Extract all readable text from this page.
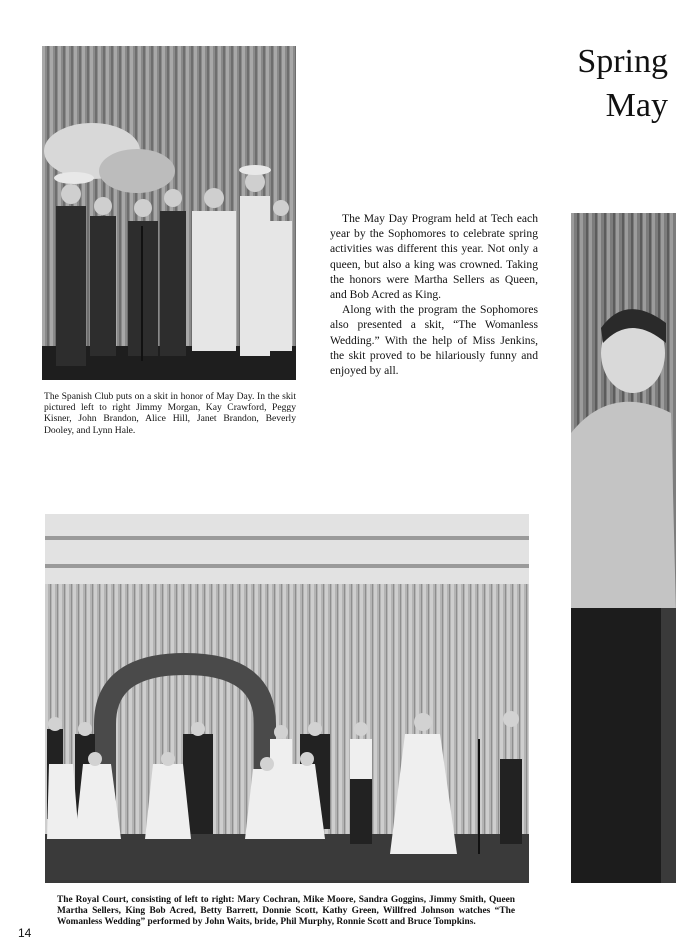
Spring
May
The Spanish Club puts on a skit in honor of May Day. In the skit pictured left to right Jimmy Morgan, Kay Crawford, Peggy Kisner, John Brandon, Alice Hill, Janet Brandon, Beverly Dooley, and Lynn Hale.

The May Day Program held at Tech each year by the Sophomores to celebrate spring activities was different this year. Not only a queen, but also a king was crowned. Taking the honors were Martha Sellers as Queen, and Bob Acred as King.

Along with the program the Sophomores also presented a skit, “The Womanless Wedding.” With the help of Miss Jenkins, the skit proved to be hilariously funny and enjoyed by all.

The Royal Court, consisting of left to right: Mary Cochran, Mike Moore, Sandra Goggins, Jimmy Smith, Queen Martha Sellers, King Bob Acred, Betty Barrett, Donnie Scott, Kathy Green, Willfred Johnson watches “The Womanless Wedding” performed by John Waits, bride, Phil Murphy, Ronnie Scott and Bruce Tompkins.
14
